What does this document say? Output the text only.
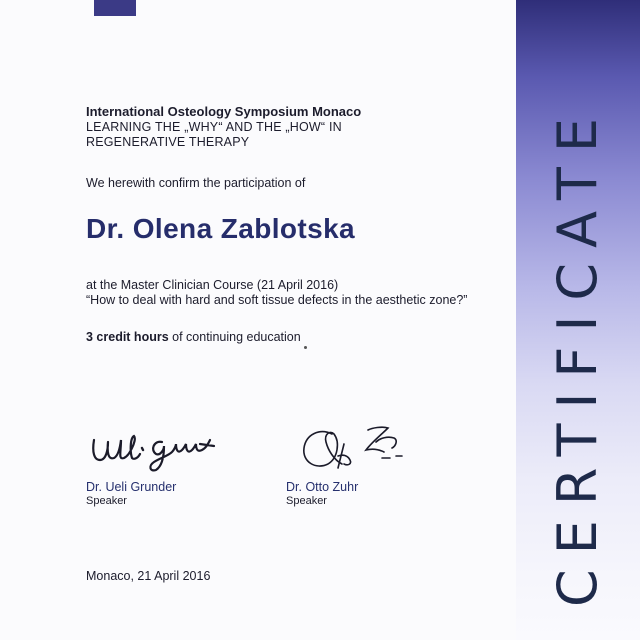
CERTIFICATE
International Osteology Symposium Monaco
LEARNING THE „WHY“ AND THE „HOW“ IN
REGENERATIVE THERAPY
We herewith confirm the participation of
Dr. Olena Zablotska
at the Master Clinician Course (21 April 2016)
“How to deal with hard and soft tissue defects in the aesthetic zone?”
3 credit hours of continuing education
Dr. Ueli Grunder
Speaker
Dr. Otto Zuhr
Speaker
Monaco, 21 April 2016
